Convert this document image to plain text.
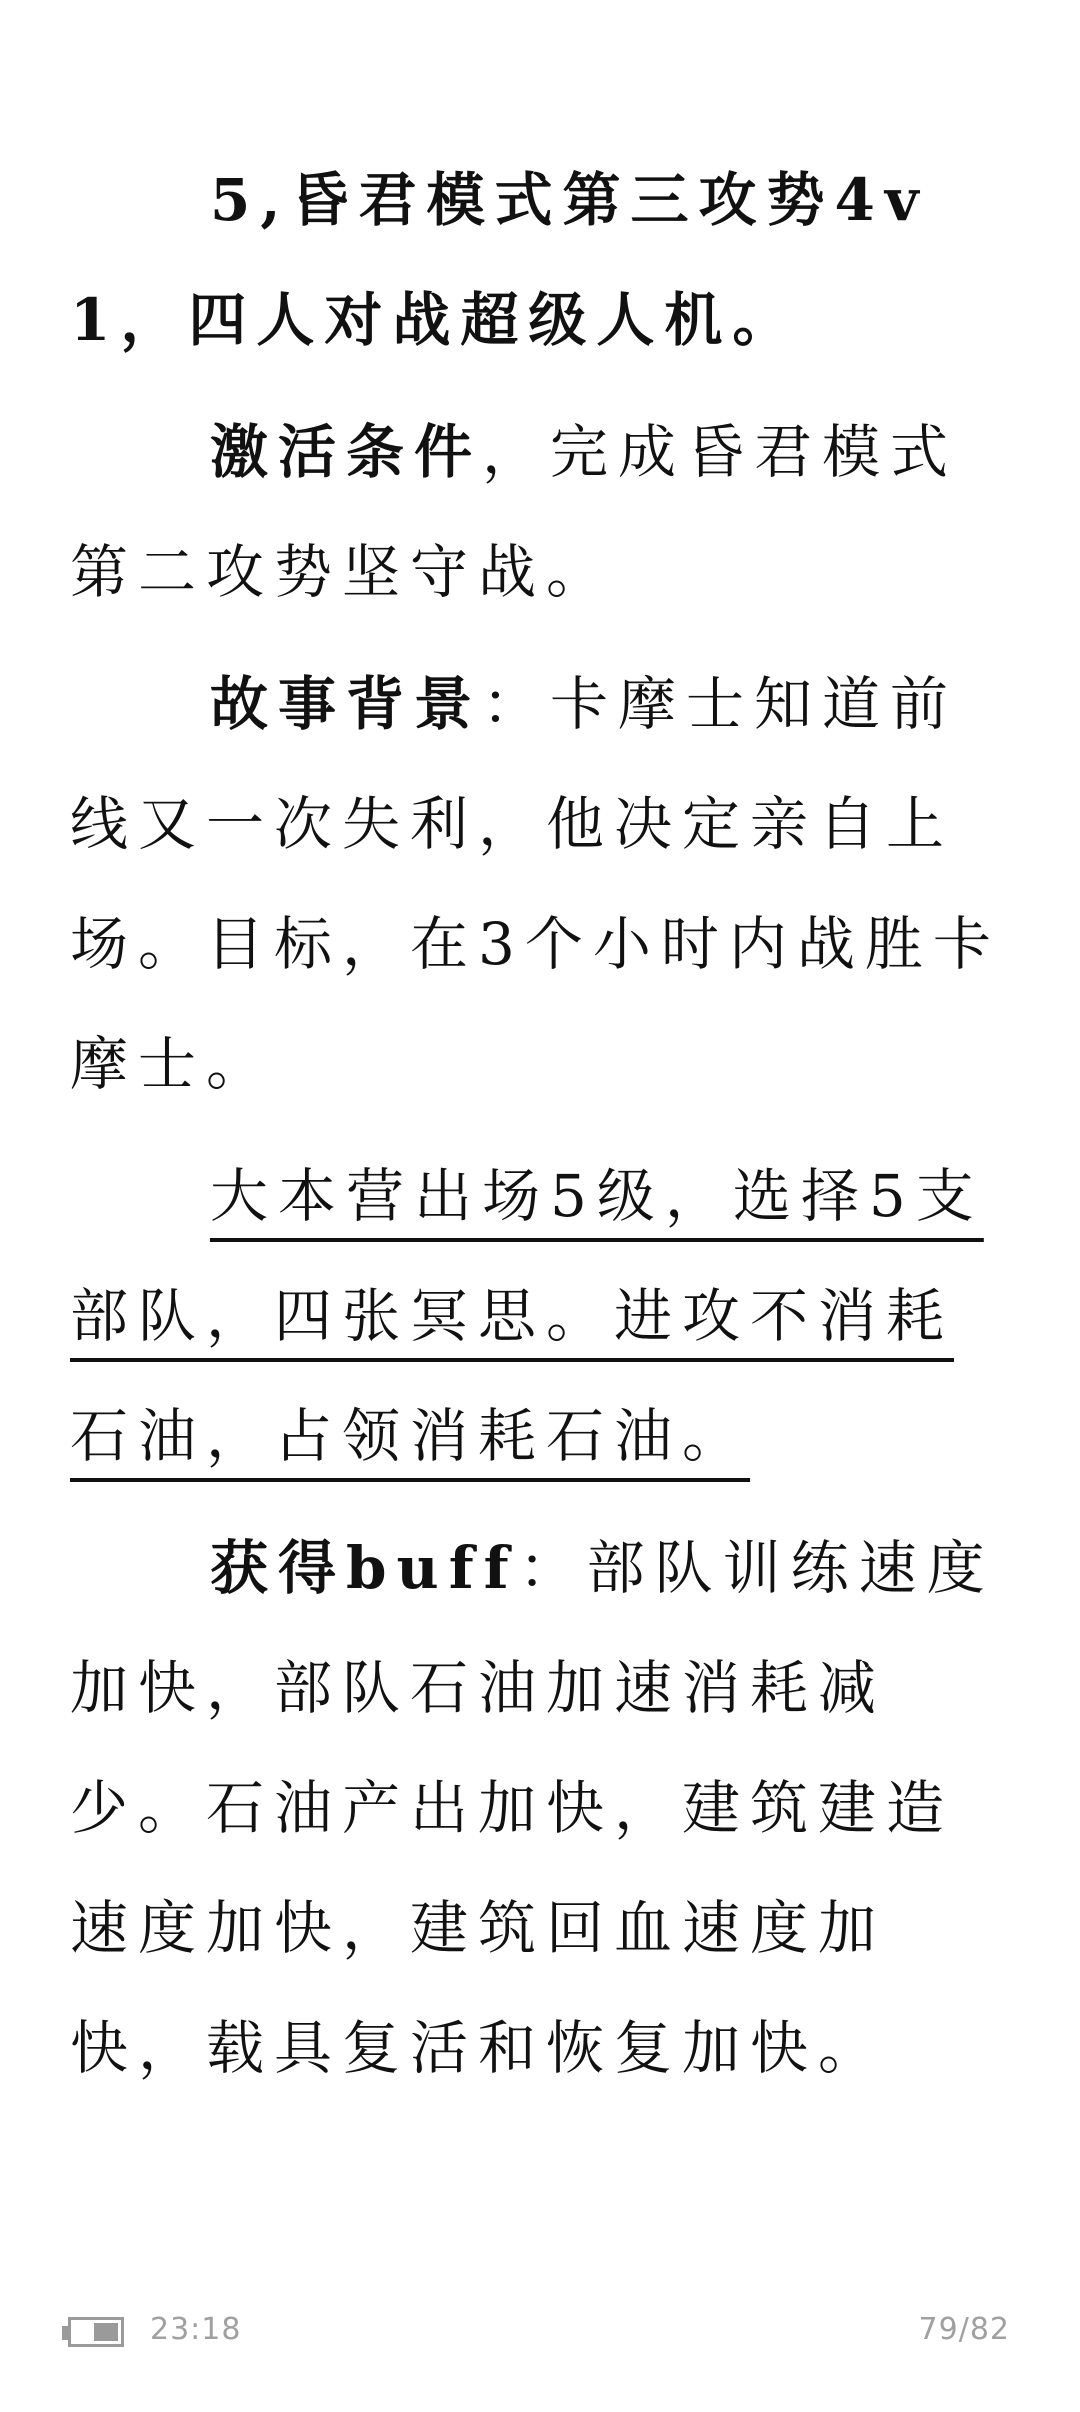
5,昏君模式第三攻势4v1，四人对战超级人机。

激活条件，完成昏君模式第二攻势坚守战。

故事背景：卡摩士知道前线又一次失利，他决定亲自上场。目标，在3个小时内战胜卡摩士。

大本营出场5级，选择5支部队，四张冥思。进攻不消耗石油，占领消耗石油。

获得buff：部队训练速度加快，部队石油加速消耗减少。石油产出加快，建筑建造速度加快，建筑回血速度加快，载具复活和恢复加快。

23:18	79/82
